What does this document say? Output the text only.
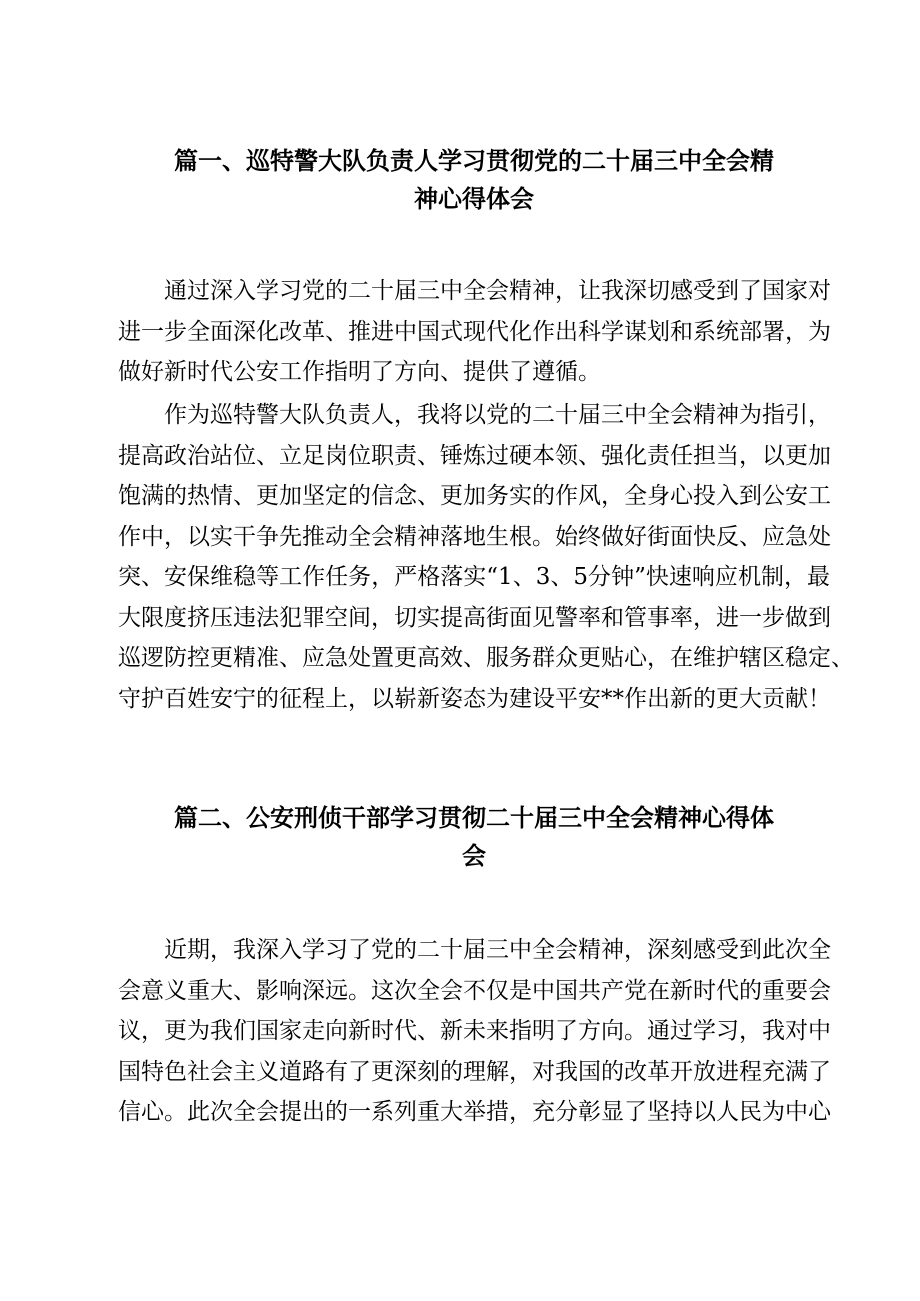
篇一、巡特警大队负责人学习贯彻党的二十届三中全会精
神心得体会
通过深入学习党的二十届三中全会精神，让我深切感受到了国家对
进一步全面深化改革、推进中国式现代化作出科学谋划和系统部署，为
做好新时代公安工作指明了方向、提供了遵循。
作为巡特警大队负责人，我将以党的二十届三中全会精神为指引，
提高政治站位、立足岗位职责、锤炼过硬本领、强化责任担当，以更加
饱满的热情、更加坚定的信念、更加务实的作风，全身心投入到公安工
作中，以实干争先推动全会精神落地生根。始终做好街面快反、应急处
突、安保维稳等工作任务，严格落实“1、3、5分钟”快速响应机制，最
大限度挤压违法犯罪空间，切实提高街面见警率和管事率，进一步做到
巡逻防控更精准、应急处置更高效、服务群众更贴心，在维护辖区稳定、
守护百姓安宁的征程上，以崭新姿态为建设平安**作出新的更大贡献！
篇二、公安刑侦干部学习贯彻二十届三中全会精神心得体
会
近期，我深入学习了党的二十届三中全会精神，深刻感受到此次全
会意义重大、影响深远。这次全会不仅是中国共产党在新时代的重要会
议，更为我们国家走向新时代、新未来指明了方向。通过学习，我对中
国特色社会主义道路有了更深刻的理解，对我国的改革开放进程充满了
信心。此次全会提出的一系列重大举措，充分彰显了坚持以人民为中心
